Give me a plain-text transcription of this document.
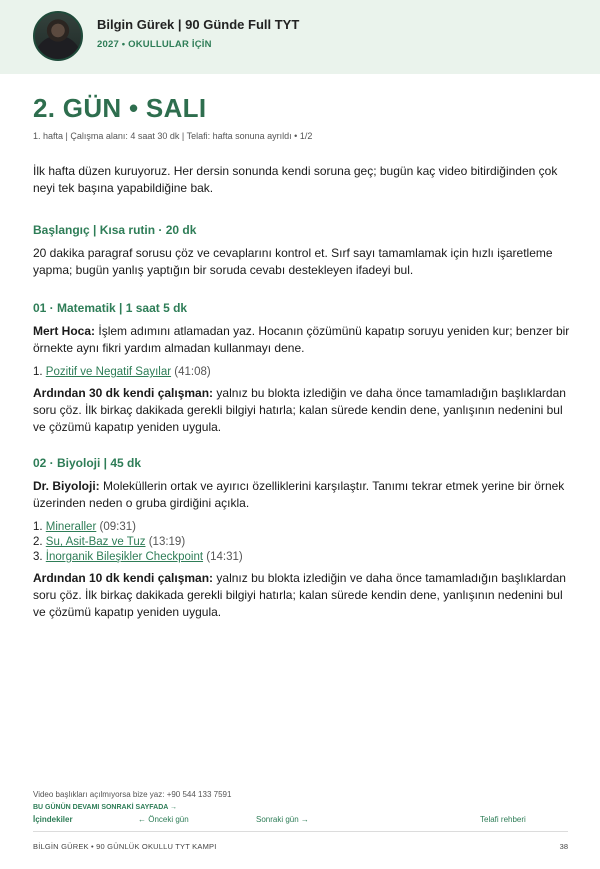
Bilgin Gürek | 90 Günde Full TYT
2027 • OKULLULAR İÇİN
2. GÜN • SALI
1. hafta | Çalışma alanı: 4 saat 30 dk | Telafi: hafta sonuna ayrıldı • 1/2

İlk hafta düzen kuruyoruz. Her dersin sonunda kendi soruna geç; bugün kaç video bitirdiğinden çok neyi tek başına yapabildiğine bak.

Başlangıç | Kısa rutin · 20 dk

20 dakika paragraf sorusu çöz ve cevaplarını kontrol et. Sırf sayı tamamlamak için hızlı işaretleme yapma; bugün yanlış yaptığın bir soruda cevabı destekleyen ifadeyi bul.

01 · Matematik | 1 saat 5 dk

Mert Hoca: İşlem adımını atlamadan yaz. Hocanın çözümünü kapatıp soruyu yeniden kur; benzer bir örnekte aynı fikri yardım almadan kullanmayı dene.

1. Pozitif ve Negatif Sayılar (41:08)

Ardından 30 dk kendi çalışman: yalnız bu blokta izlediğin ve daha önce tamamladığın başlıklardan soru çöz. İlk birkaç dakikada gerekli bilgiyi hatırla; kalan sürede kendin dene, yanlışının nedenini bul ve çözümü kapatıp yeniden uygula.

02 · Biyoloji | 45 dk

Dr. Biyoloji: Moleküllerin ortak ve ayırıcı özelliklerini karşılaştır. Tanımı tekrar etmek yerine bir örnek üzerinden neden o gruba girdiğini açıkla.

1. Mineraller (09:31)
2. Su, Asit-Baz ve Tuz (13:19)
3. İnorganik Bileşikler Checkpoint (14:31)

Ardından 10 dk kendi çalışman: yalnız bu blokta izlediğin ve daha önce tamamladığın başlıklardan soru çöz. İlk birkaç dakikada gerekli bilgiyi hatırla; kalan sürede kendin dene, yanlışının nedenini bul ve çözümü kapatıp yeniden uygula.

Video başlıkları açılmıyorsa bize yaz: +90 544 133 7591
BU GÜNÜN DEVAMI SONRAKİ SAYFADA →
İçindekiler	← Önceki gün	Sonraki gün →	Telafi rehberi
BİLGİN GÜREK • 90 GÜNLÜK OKULLU TYT KAMPI	38
